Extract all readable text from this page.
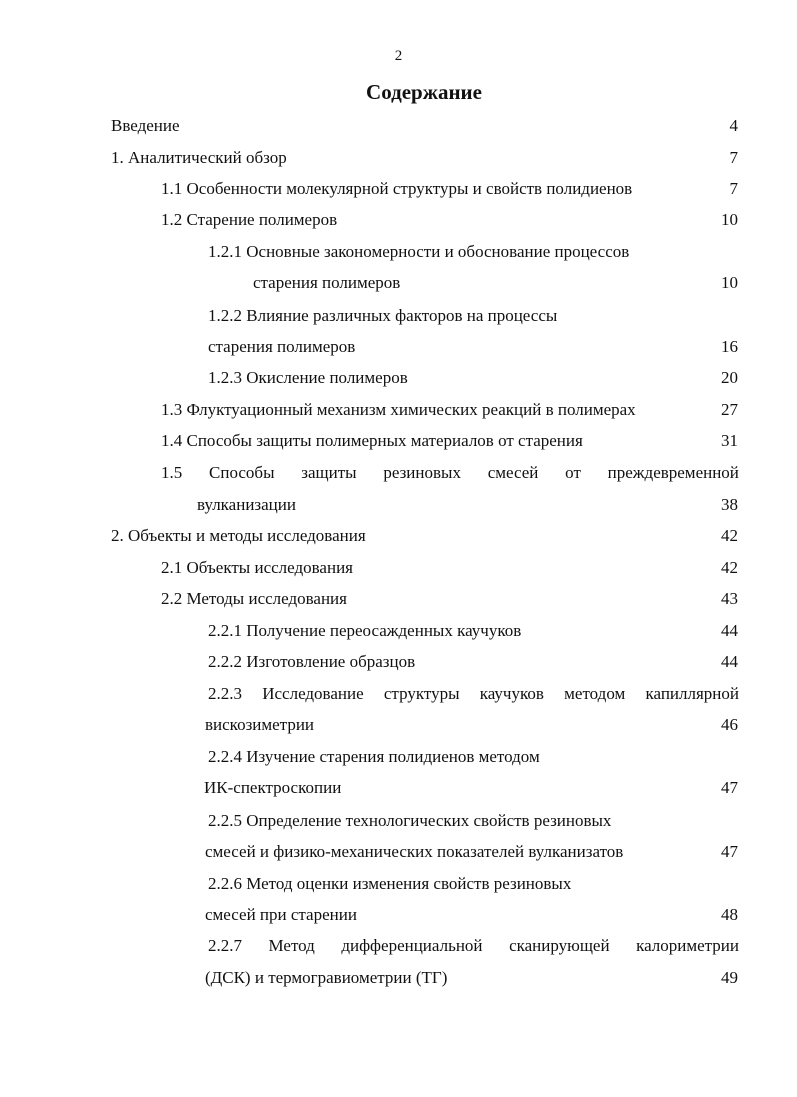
2
Содержание
Введение	4
1. Аналитический обзор	7
1.1 Особенности молекулярной структуры и свойств полидиенов	7
1.2 Старение полимеров	10
1.2.1 Основные закономерности и обоснование процессов
старения полимеров	10
1.2.2 Влияние различных факторов на процессы
старения полимеров	16
1.2.3 Окисление полимеров	20
1.3 Флуктуационный механизм химических реакций в полимерах	27
1.4 Способы защиты полимерных материалов от старения	31
1.5 Способы защиты резиновых смесей от преждевременной
вулканизации	38
2. Объекты и методы исследования	42
2.1 Объекты исследования	42
2.2 Методы исследования	43
2.2.1 Получение переосажденных каучуков	44
2.2.2 Изготовление образцов	44
2.2.3 Исследование структуры каучуков методом капиллярной
вискозиметрии	46
2.2.4 Изучение старения полидиенов методом
ИК-спектроскопии	47
2.2.5 Определение технологических свойств резиновых
смесей и физико-механических показателей вулканизатов	47
2.2.6 Метод оценки изменения свойств резиновых
смесей при старении	48
2.2.7 Метод дифференциальной сканирующей калориметрии
(ДСК) и термогравиометрии (ТГ)	49
